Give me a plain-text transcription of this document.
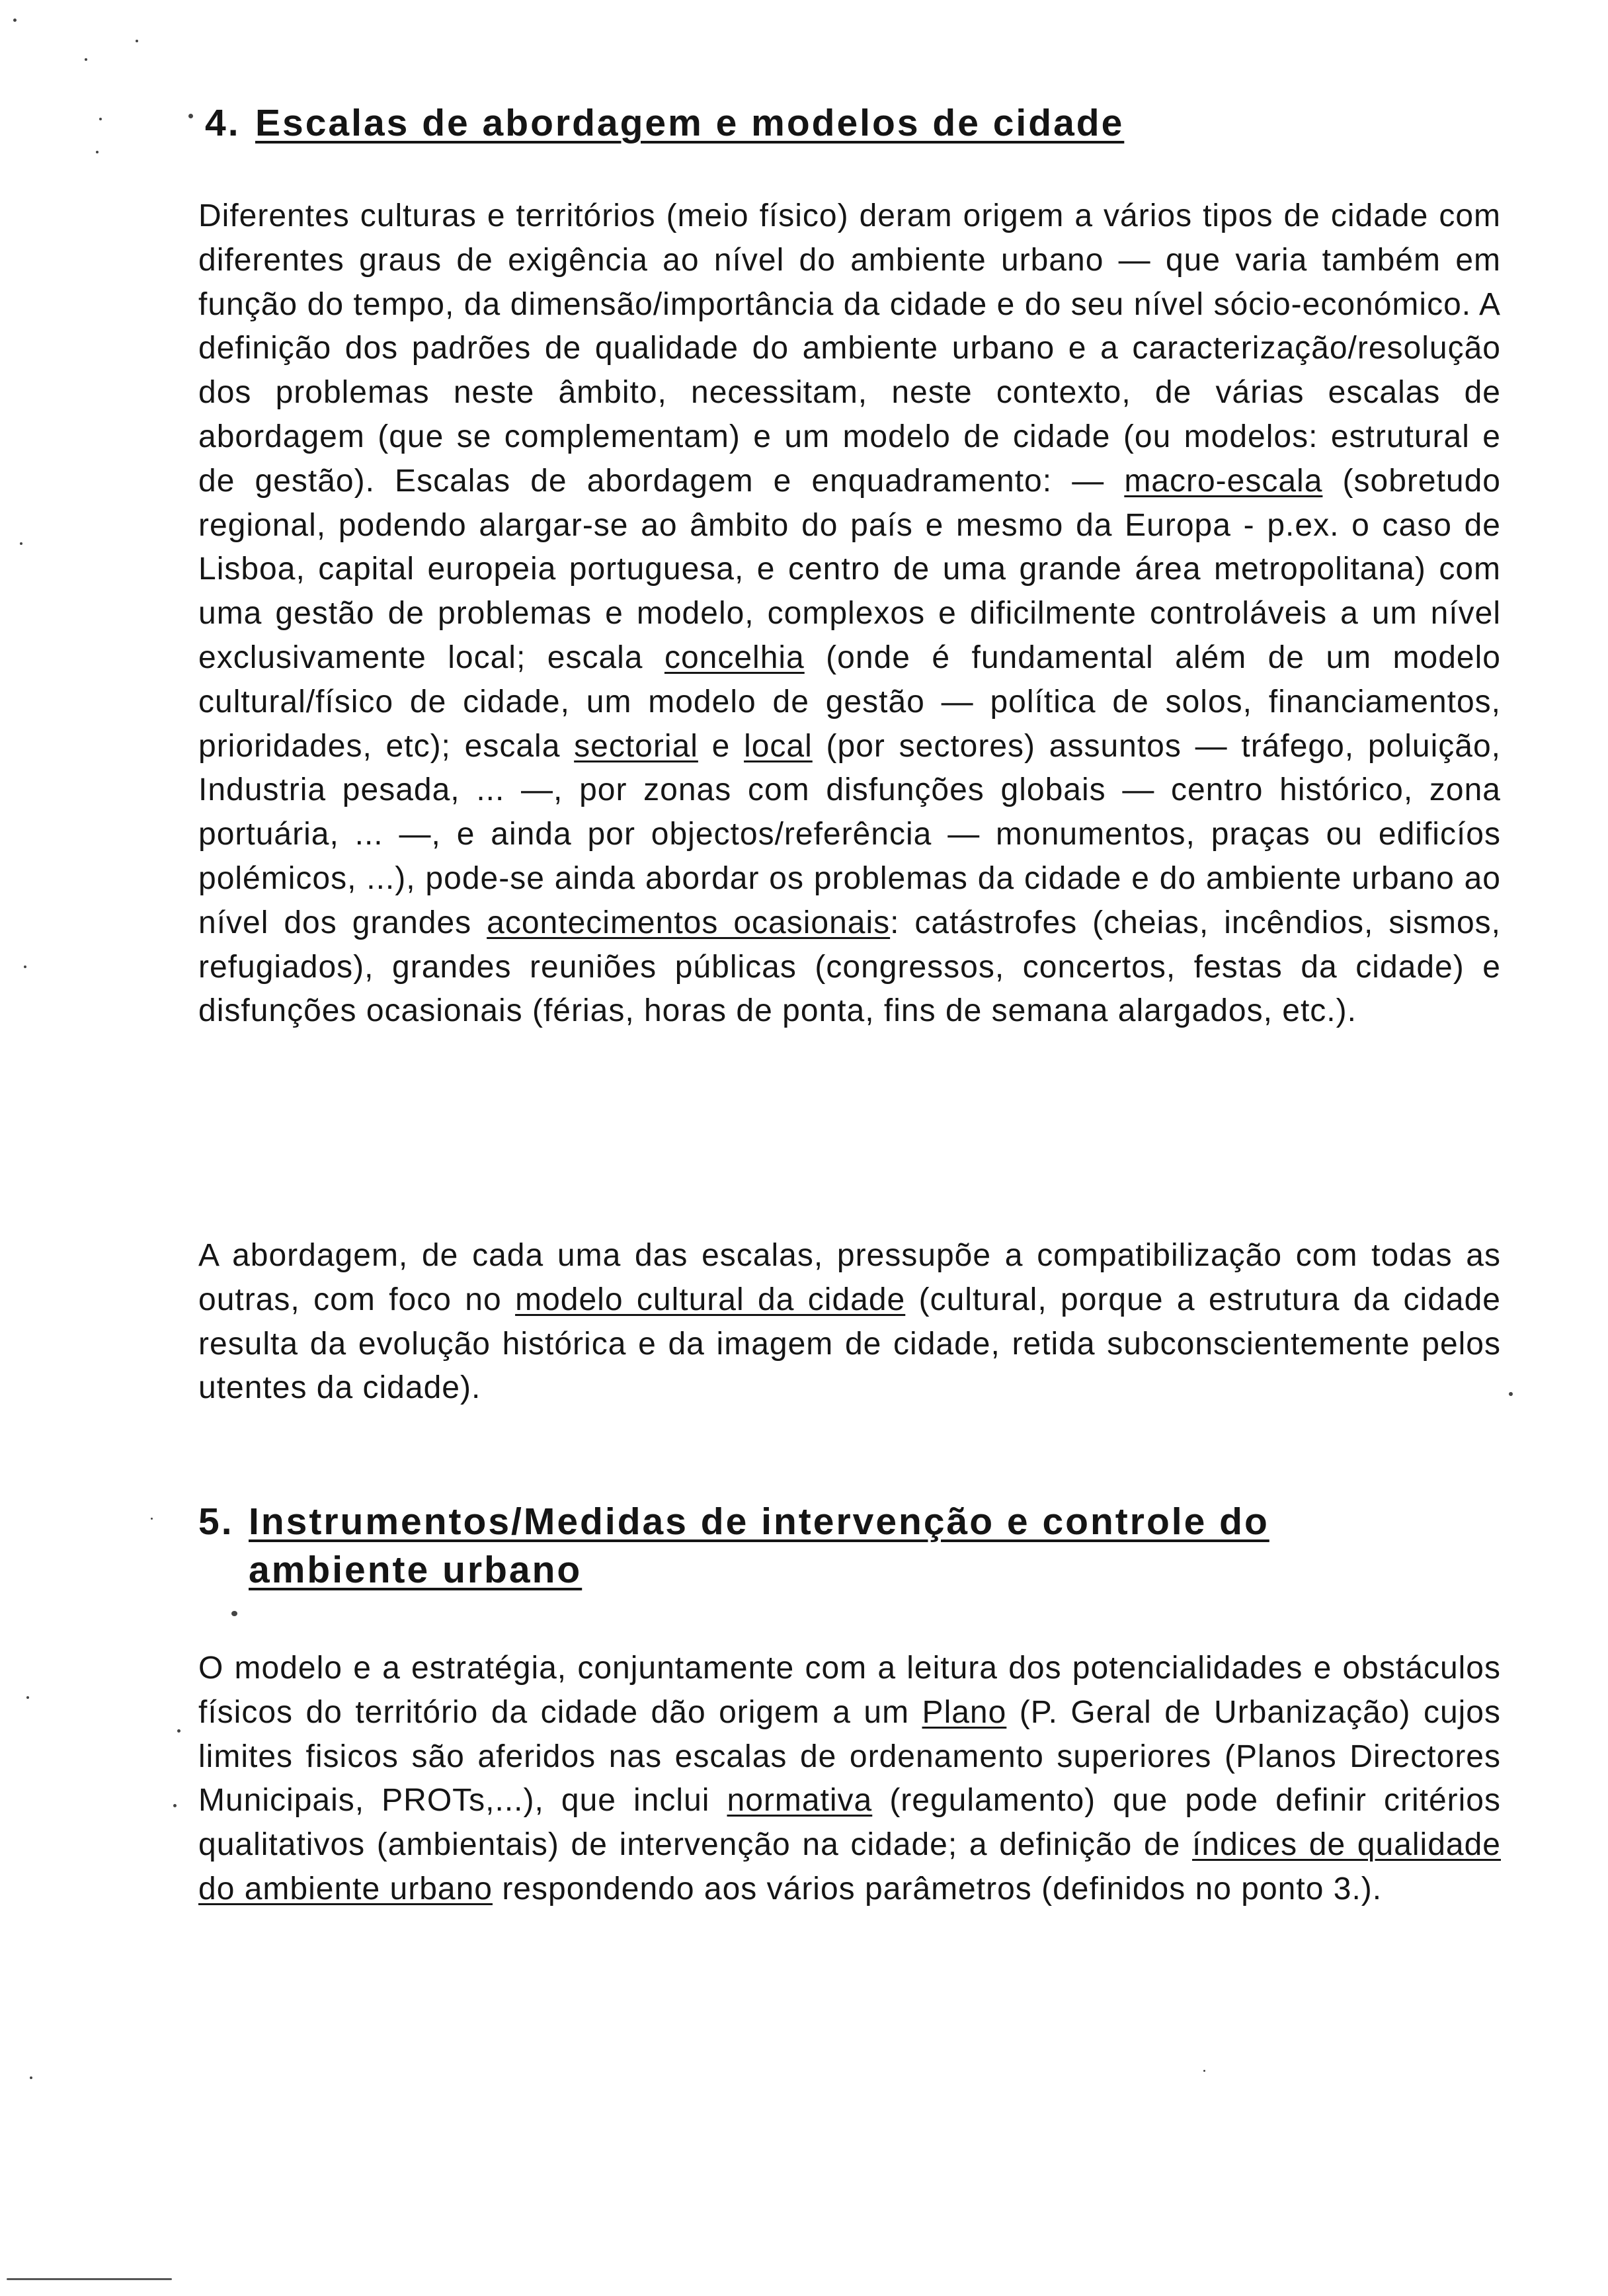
4. Escalas de abordagem e modelos de cidade

Diferentes culturas e territórios (meio físico) deram origem a vários tipos de cidade com diferentes graus de exigência ao nível do ambiente urbano — que varia também em função do tempo, da dimensão/importância da cidade e do seu nível sócio-económico. A definição dos padrões de qualidade do ambiente urbano e a caracterização/resolução dos problemas neste âmbito, necessitam, neste contexto, de várias escalas de abordagem (que se complementam) e um modelo de cidade (ou modelos: estrutural e de gestão). Escalas de abordagem e enquadramento: — macro-escala (sobretudo regional, podendo alargar-se ao âmbito do país e mesmo da Europa - p.ex. o caso de Lisboa, capital europeia portuguesa, e centro de uma grande área metropolitana) com uma gestão de problemas e modelo, complexos e dificilmente controláveis a um nível exclusivamente local; escala concelhia (onde é fundamental além de um modelo cultural/físico de cidade, um modelo de gestão — política de solos, financiamentos, prioridades, etc); escala sectorial e local (por sectores) assuntos — tráfego, poluição, Industria pesada, ... —, por zonas com disfunções globais — centro histórico, zona portuária, ... —, e ainda por objectos/referência — monumentos, praças ou edificíos polémicos, ...), pode-se ainda abordar os problemas da cidade e do ambiente urbano ao nível dos grandes acontecimentos ocasionais: catástrofes (cheias, incêndios, sismos, refugiados), grandes reuniões públicas (congressos, concertos, festas da cidade) e disfunções ocasionais (férias, horas de ponta, fins de semana alargados, etc.).

A abordagem, de cada uma das escalas, pressupõe a compatibilização com todas as outras, com foco no modelo cultural da cidade (cultural, porque a estrutura da cidade resulta da evolução histórica e da imagem de cidade, retida subconscientemente pelos utentes da cidade).

5. Instrumentos/Medidas de intervenção e controle do
ambiente urbano

O modelo e a estratégia, conjuntamente com a leitura dos potencialidades e obstáculos físicos do território da cidade dão origem a um Plano (P. Geral de Urbanização) cujos limites fisicos são aferidos nas escalas de ordenamento superiores (Planos Directores Municipais, PROTs,...), que inclui normativa (regulamento) que pode definir critérios qualitativos (ambientais) de intervenção na cidade; a definição de índices de qualidade do ambiente urbano respondendo aos vários parâmetros (definidos no ponto 3.).
